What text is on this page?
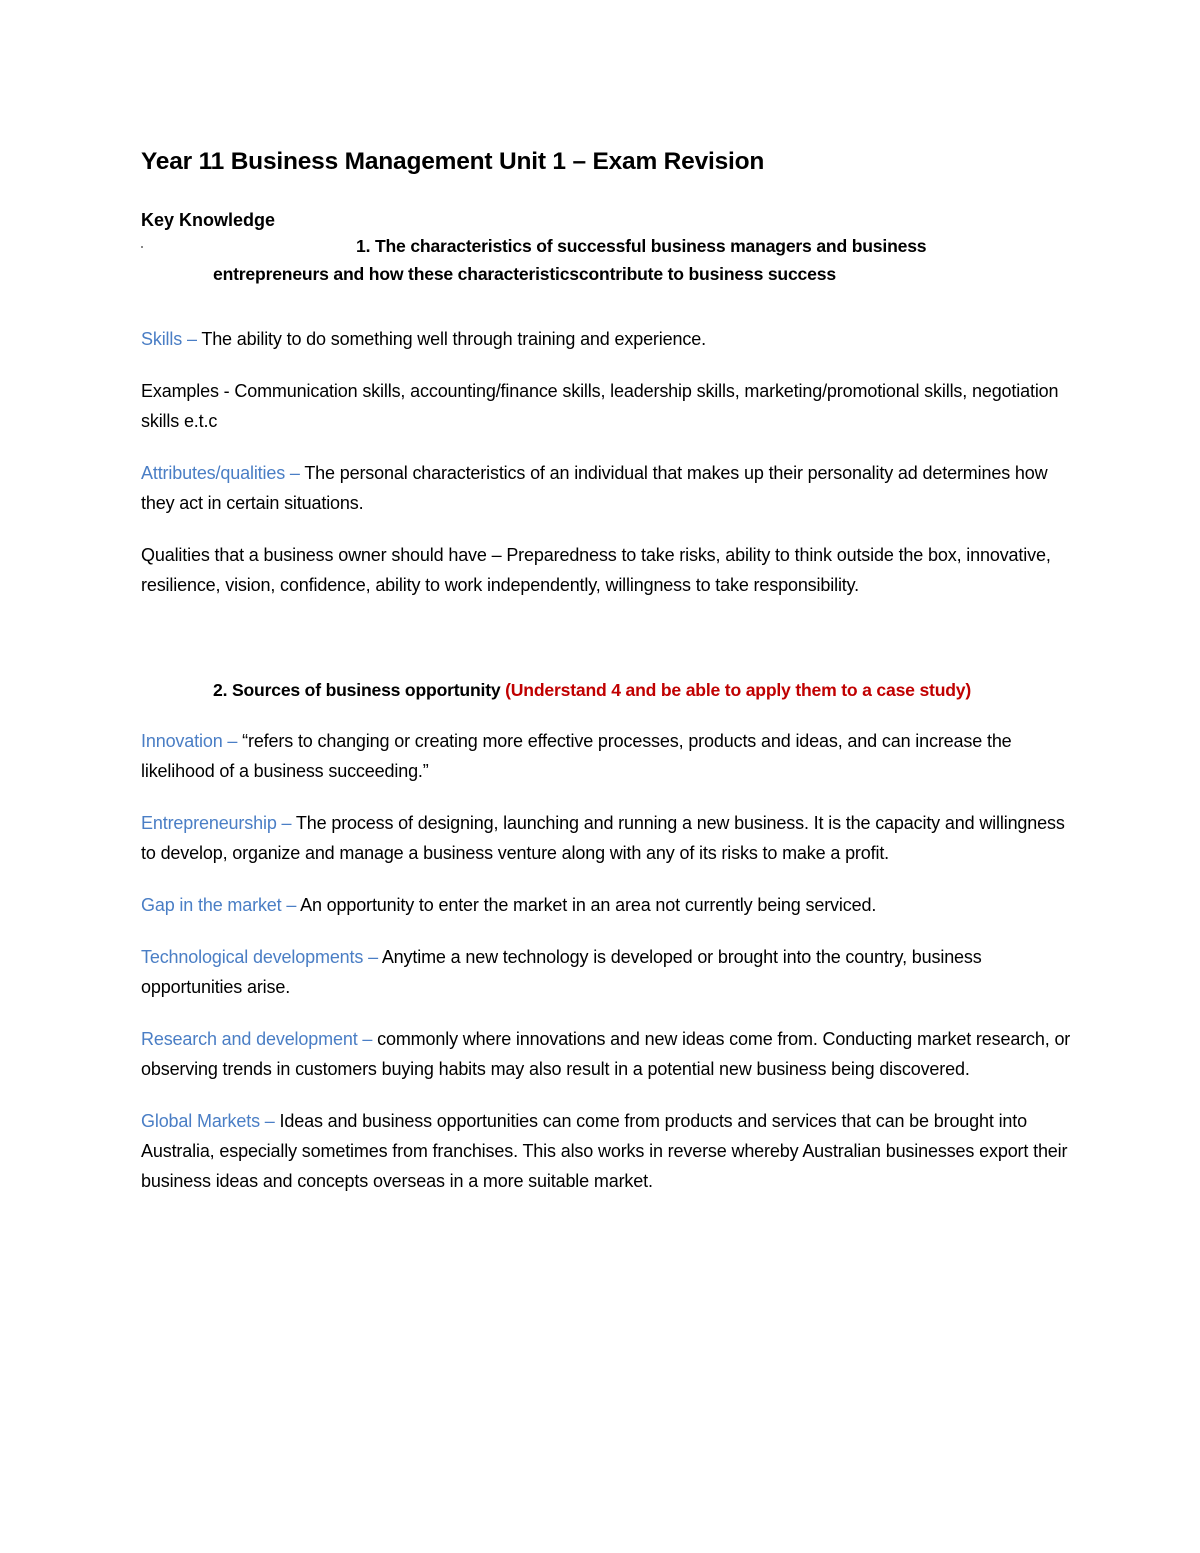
Year 11 Business Management Unit 1 – Exam Revision
Key Knowledge
1. The characteristics of successful business managers and business
entrepreneurs and how these characteristicscontribute to business success

Skills – The ability to do something well through training and experience.

Examples - Communication skills, accounting/finance skills, leadership skills, marketing/promotional skills, negotiation skills e.t.c

Attributes/qualities – The personal characteristics of an individual that makes up their personality ad determines how they act in certain situations.

Qualities that a business owner should have – Preparedness to take risks, ability to think outside the box, innovative, resilience, vision, confidence, ability to work independently, willingness to take responsibility.

2. Sources of business opportunity (Understand 4 and be able to apply them to a case study)

Innovation – “refers to changing or creating more effective processes, products and ideas, and can increase the likelihood of a business succeeding.”

Entrepreneurship – The process of designing, launching and running a new business. It is the capacity and willingness to develop, organize and manage a business venture along with any of its risks to make a profit.

Gap in the market – An opportunity to enter the market in an area not currently being serviced.

Technological developments – Anytime a new technology is developed or brought into the country, business opportunities arise.

Research and development – commonly where innovations and new ideas come from. Conducting market research, or observing trends in customers buying habits may also result in a potential new business being discovered.

Global Markets – Ideas and business opportunities can come from products and services that can be brought into Australia, especially sometimes from franchises. This also works in reverse whereby Australian businesses export their business ideas and concepts overseas in a more suitable market.
